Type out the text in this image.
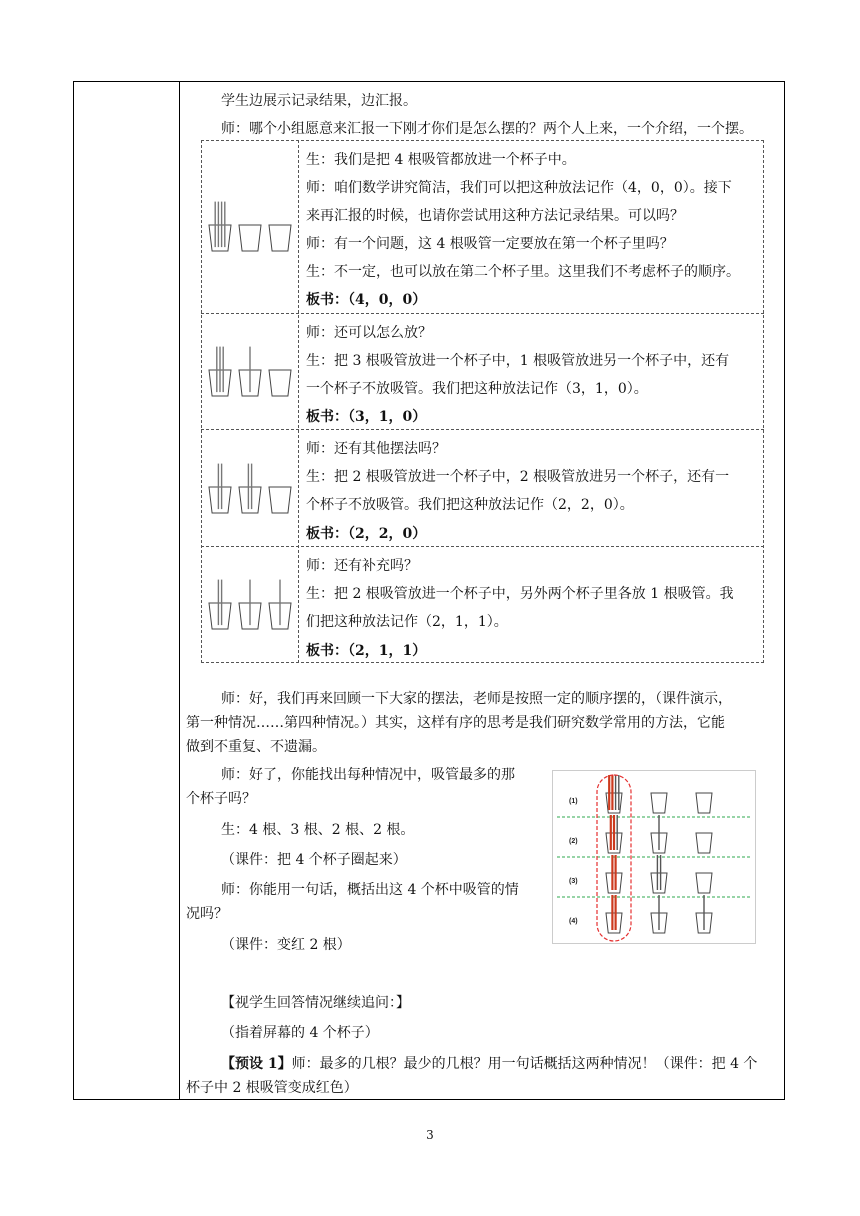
学生边展示记录结果，边汇报。
师：哪个小组愿意来汇报一下刚才你们是怎么摆的？两个人上来，一个介绍，一个摆。
生：我们是把 4 根吸管都放进一个杯子中。
师：咱们数学讲究简洁，我们可以把这种放法记作（4，0，0）。接下
来再汇报的时候，也请你尝试用这种方法记录结果。可以吗？
师：有一个问题，这 4 根吸管一定要放在第一个杯子里吗？
生：不一定，也可以放在第二个杯子里。这里我们不考虑杯子的顺序。
板书：（4，0，0）
师：还可以怎么放？
生：把 3 根吸管放进一个杯子中，1 根吸管放进另一个杯子中，还有
一个杯子不放吸管。我们把这种放法记作（3，1，0）。
板书：（3，1，0）
师：还有其他摆法吗？
生：把 2 根吸管放进一个杯子中，2 根吸管放进另一个杯子，还有一
个杯子不放吸管。我们把这种放法记作（2，2，0）。
板书：（2，2，0）
师：还有补充吗？
生：把 2 根吸管放进一个杯子中，另外两个杯子里各放 1 根吸管。我
们把这种放法记作（2，1，1）。
板书：（2，1，1）
师：好，我们再来回顾一下大家的摆法，老师是按照一定的顺序摆的，（课件演示，
第一种情况……第四种情况。）其实，这样有序的思考是我们研究数学常用的方法，它能
做到不重复、不遗漏。
师：好了，你能找出每种情况中，吸管最多的那
个杯子吗？
生：4 根、3 根、2 根、2 根。
（课件：把 4 个杯子圈起来）
师：你能用一句话，概括出这 4 个杯中吸管的情
况吗？
（课件：变红 2 根）
(1)
(2)
(3)
(4)
【视学生回答情况继续追问：】
（指着屏幕的 4 个杯子）
【预设 1】师：最多的几根？最少的几根？用一句话概括这两种情况！（课件：把 4 个
杯子中 2 根吸管变成红色）
3
